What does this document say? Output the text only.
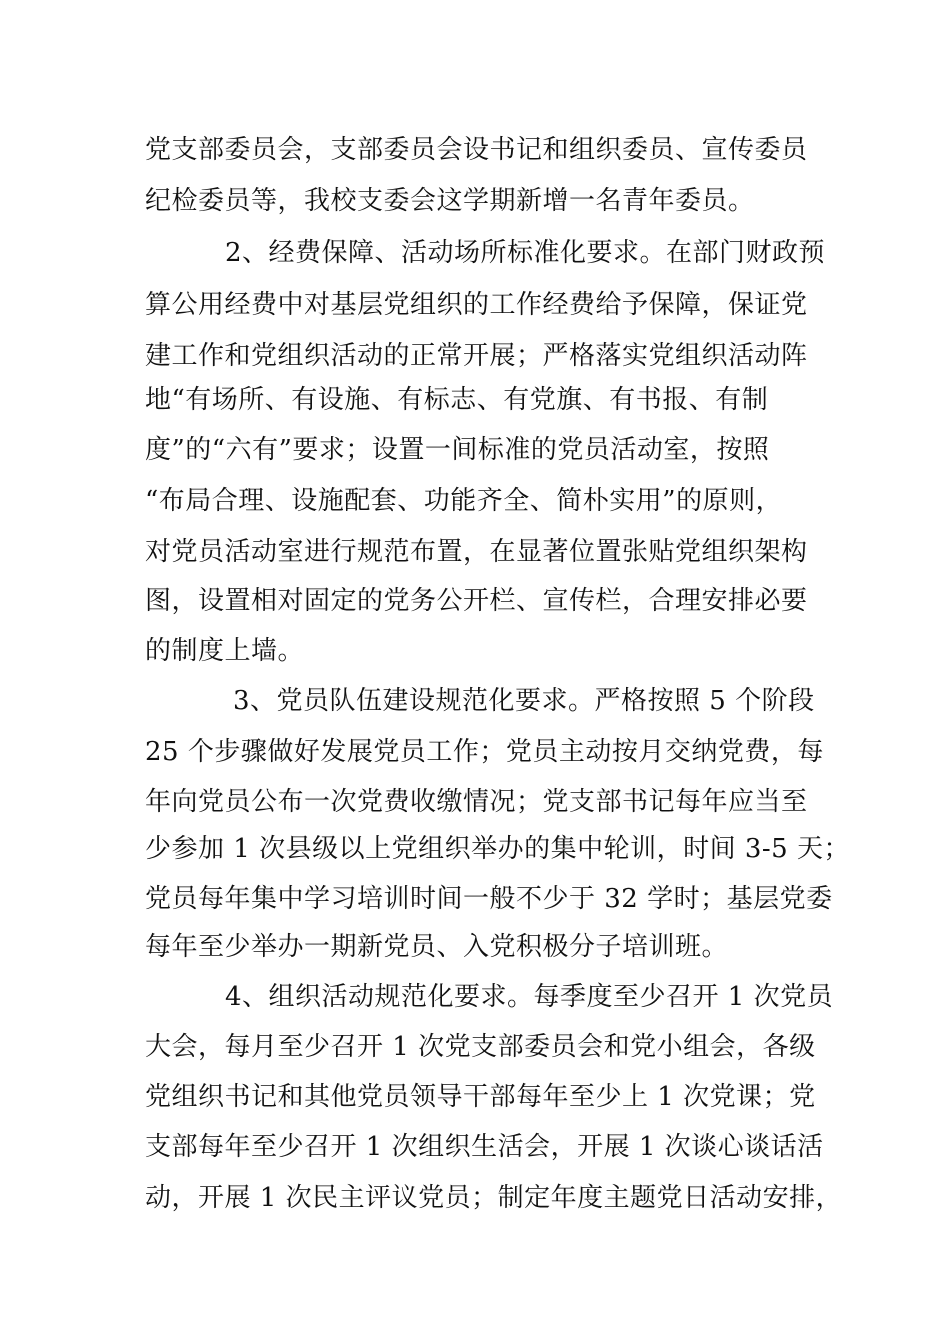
党支部委员会，支部委员会设书记和组织委员、宣传委员
纪检委员等，我校支委会这学期新增一名青年委员。
2、经费保障、活动场所标准化要求。在部门财政预
算公用经费中对基层党组织的工作经费给予保障，保证党
建工作和党组织活动的正常开展；严格落实党组织活动阵
地“有场所、有设施、有标志、有党旗、有书报、有制
度”的“六有”要求；设置一间标准的党员活动室，按照
“布局合理、设施配套、功能齐全、简朴实用”的原则，
对党员活动室进行规范布置，在显著位置张贴党组织架构
图，设置相对固定的党务公开栏、宣传栏，合理安排必要
的制度上墙。
3、党员队伍建设规范化要求。严格按照 5 个阶段
25 个步骤做好发展党员工作；党员主动按月交纳党费，每
年向党员公布一次党费收缴情况；党支部书记每年应当至
少参加 1 次县级以上党组织举办的集中轮训，时间 3-5 天；
党员每年集中学习培训时间一般不少于 32 学时；基层党委
每年至少举办一期新党员、入党积极分子培训班。
4、组织活动规范化要求。每季度至少召开 1 次党员
大会，每月至少召开 1 次党支部委员会和党小组会，各级
党组织书记和其他党员领导干部每年至少上 1 次党课；党
支部每年至少召开 1 次组织生活会，开展 1 次谈心谈话活
动，开展 1 次民主评议党员；制定年度主题党日活动安排，
